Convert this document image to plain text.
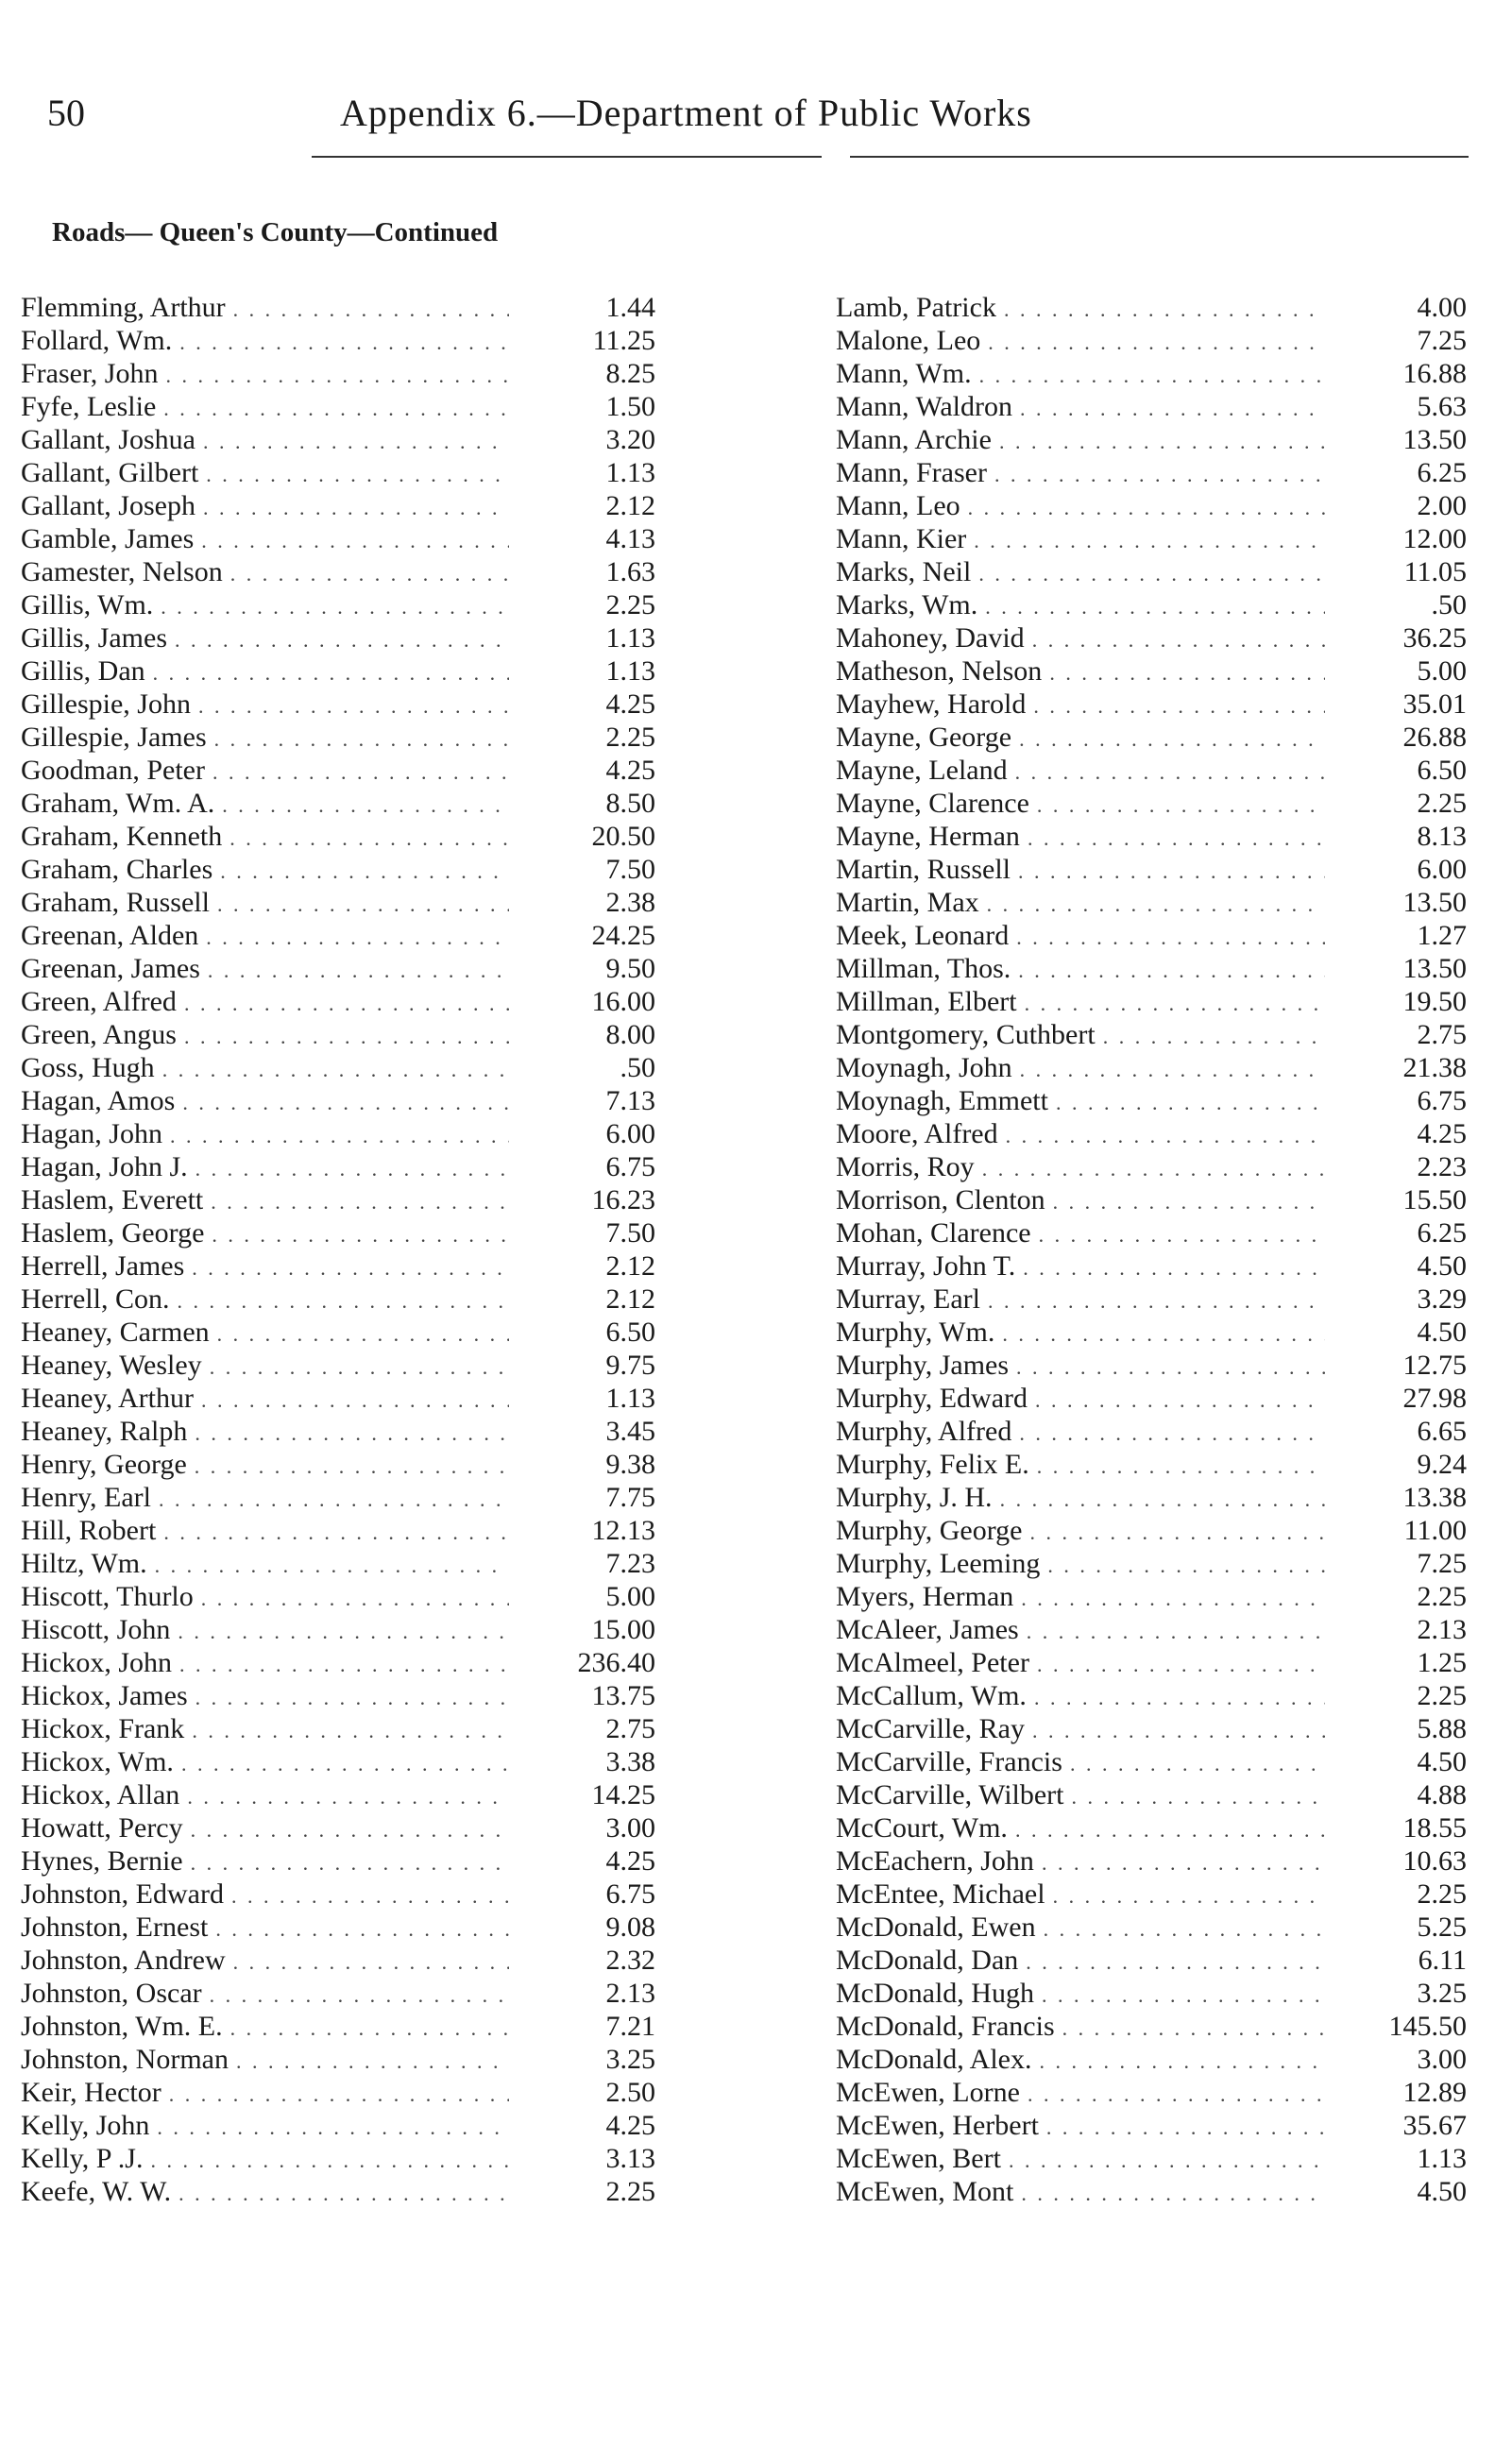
50	Appendix 6.—Department of Public Works
Roads— Queen's County—Continued
Flemming, Arthur . . .	1.44
Follard, Wm. . . .	11.25
Fraser, John . . .	8.25
Fyfe, Leslie . . .	1.50
Gallant, Joshua . . .	3.20
Gallant, Gilbert . . .	1.13
Gallant, Joseph . . .	2.12
Gamble, James . . .	4.13
Gamester, Nelson . . .	1.63
Gillis, Wm. . . .	2.25
Gillis, James . . .	1.13
Gillis, Dan . . .	1.13
Gillespie, John . . .	4.25
Gillespie, James . . .	2.25
Goodman, Peter . . .	4.25
Graham, Wm. A. . . .	8.50
Graham, Kenneth . . .	20.50
Graham, Charles . . .	7.50
Graham, Russell . . .	2.38
Greenan, Alden . . .	24.25
Greenan, James . . .	9.50
Green, Alfred . . .	16.00
Green, Angus . . .	8.00
Goss, Hugh . . .	.50
Hagan, Amos . . .	7.13
Hagan, John . . .	6.00
Hagan, John J. . . .	6.75
Haslem, Everett . . .	16.23
Haslem, George . . .	7.50
Herrell, James . . .	2.12
Herrell, Con. . . .	2.12
Heaney, Carmen . . .	6.50
Heaney, Wesley . . .	9.75
Heaney, Arthur . . .	1.13
Heaney, Ralph . . .	3.45
Henry, George . . .	9.38
Henry, Earl . . .	7.75
Hill, Robert . . .	12.13
Hiltz, Wm. . . .	7.23
Hiscott, Thurlo . . .	5.00
Hiscott, John . . .	15.00
Hickox, John . . .	236.40
Hickox, James . . .	13.75
Hickox, Frank . . .	2.75
Hickox, Wm. . . .	3.38
Hickox, Allan . . .	14.25
Howatt, Percy . . .	3.00
Hynes, Bernie . . .	4.25
Johnston, Edward . . .	6.75
Johnston, Ernest . . .	9.08
Johnston, Andrew . . .	2.32
Johnston, Oscar . . .	2.13
Johnston, Wm. E. . . .	7.21
Johnston, Norman . . .	3.25
Keir, Hector . . .	2.50
Kelly, John . . .	4.25
Kelly, P .J. . . .	3.13
Keefe, W. W. . . .	2.25
Lamb, Patrick . . .	4.00
Malone, Leo . . .	7.25
Mann, Wm. . . .	16.88
Mann, Waldron . . .	5.63
Mann, Archie . . .	13.50
Mann, Fraser . . .	6.25
Mann, Leo . . .	2.00
Mann, Kier . . .	12.00
Marks, Neil . . .	11.05
Marks, Wm. . . .	.50
Mahoney, David . . .	36.25
Matheson, Nelson . . .	5.00
Mayhew, Harold . . .	35.01
Mayne, George . . .	26.88
Mayne, Leland . . .	6.50
Mayne, Clarence . . .	2.25
Mayne, Herman . . .	8.13
Martin, Russell . . .	6.00
Martin, Max . . .	13.50
Meek, Leonard . . .	1.27
Millman, Thos. . . .	13.50
Millman, Elbert . . .	19.50
Montgomery, Cuthbert . . .	2.75
Moynagh, John . . .	21.38
Moynagh, Emmett . . .	6.75
Moore, Alfred . . .	4.25
Morris, Roy . . .	2.23
Morrison, Clenton . . .	15.50
Mohan, Clarence . . .	6.25
Murray, John T. . . .	4.50
Murray, Earl . . .	3.29
Murphy, Wm. . . .	4.50
Murphy, James . . .	12.75
Murphy, Edward . . .	27.98
Murphy, Alfred . . .	6.65
Murphy, Felix E. . . .	9.24
Murphy, J. H. . . .	13.38
Murphy, George . . .	11.00
Murphy, Leeming . . .	7.25
Myers, Herman . . .	2.25
McAleer, James . . .	2.13
McAlmeel, Peter . . .	1.25
McCallum, Wm. . . .	2.25
McCarville, Ray . . .	5.88
McCarville, Francis . . .	4.50
McCarville, Wilbert . . .	4.88
McCourt, Wm. . . .	18.55
McEachern, John . . .	10.63
McEntee, Michael . . .	2.25
McDonald, Ewen . . .	5.25
McDonald, Dan . . .	6.11
McDonald, Hugh . . .	3.25
McDonald, Francis . . .	145.50
McDonald, Alex. . . .	3.00
McEwen, Lorne . . .	12.89
McEwen, Herbert . . .	35.67
McEwen, Bert . . .	1.13
McEwen, Mont . . .	4.50
